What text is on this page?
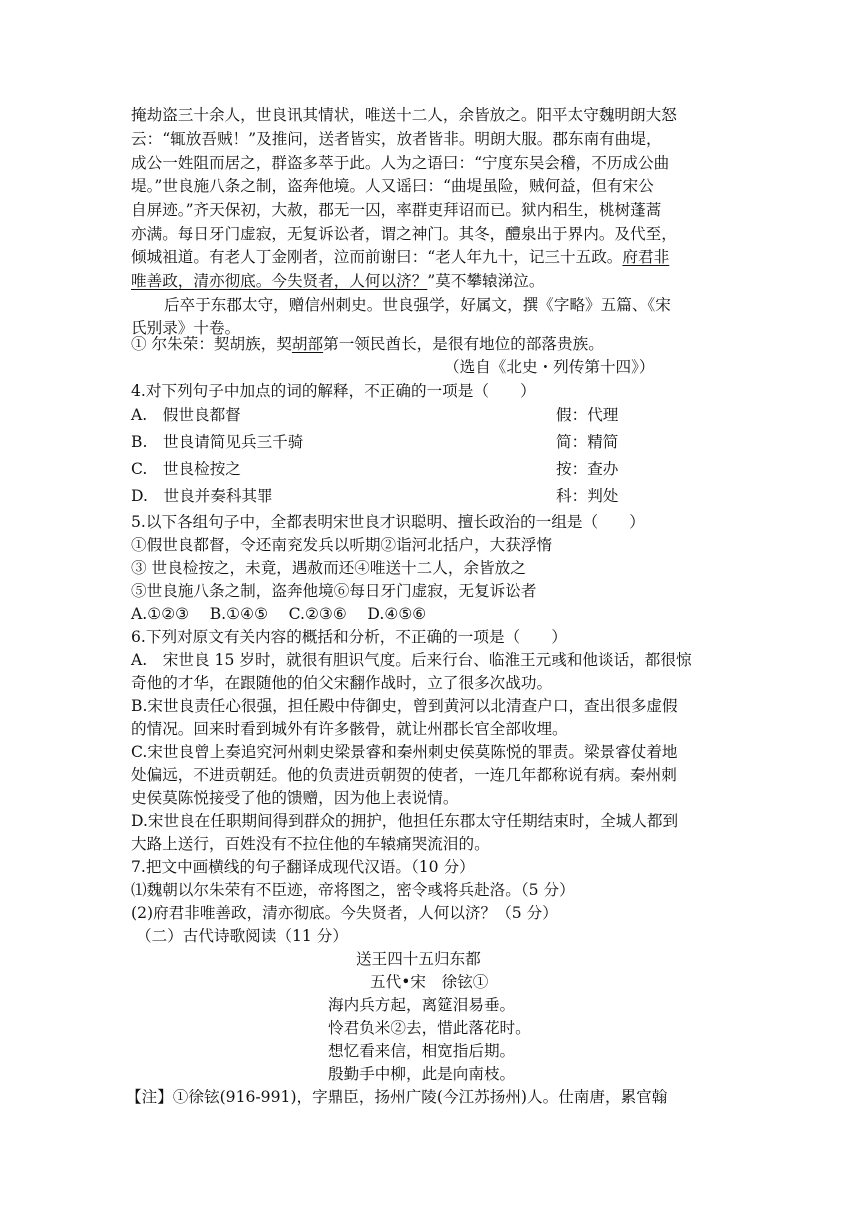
掩劫盗三十余人，世良讯其情状，唯送十二人，余皆放之。阳平太守魏明朗大怒
云：“辄放吾贼！”及推问，送者皆实，放者皆非。明朗大服。郡东南有曲堤，
成公一姓阻而居之，群盗多萃于此。人为之语曰：“宁度东吴会稽，不历成公曲
堤。”世良施八条之制，盗奔他境。人又谣曰：“曲堤虽险，贼何益，但有宋公
自屏迹。”齐天保初，大赦，郡无一囚，率群吏拜诏而已。狱内稆生，桃树蓬蒿
亦满。每日牙门虚寂，无复诉讼者，谓之神门。其冬，醴泉出于界内。及代至，
倾城祖道。有老人丁金刚者，泣而前谢曰：“老人年九十，记三十五政。府君非
唯善政，清亦彻底。今失贤者，人何以济？”莫不攀辕涕泣。
后卒于东郡太守，赠信州刺史。世良强学，好属文，撰《字略》五篇、《宋
氏别录》十卷。
① 尔朱荣：契胡族，契胡部第一领民酋长，是很有地位的部落贵族。
（选自《北史・列传第十四》）
4.对下列句子中加点的词的解释，不正确的一项是（　　）
A.　假世良都督	假：代理
B.　世良请简见兵三千骑	简：精简
C.　世良检按之	按：查办
D.　世良并奏科其罪	科：判处
5.以下各组句子中，全都表明宋世良才识聪明、擅长政治的一组是（　　）
①假世良都督，令还南兖发兵以听期②诣河北括户，大获浮惰
③ 世良检按之，未竟，遇赦而还④唯送十二人，余皆放之
⑤世良施八条之制，盗奔他境⑥每日牙门虚寂，无复诉讼者
A.①②③　 B.①④⑤　 C.②③⑥　 D.④⑤⑥
6.下列对原文有关内容的概括和分析，不正确的一项是（　　）
A.　宋世良 15 岁时，就很有胆识气度。后来行台、临淮王元彧和他谈话，都很惊
奇他的才华，在跟随他的伯父宋翻作战时，立了很多次战功。
B.宋世良责任心很强，担任殿中侍御史，曾到黄河以北清查户口，查出很多虚假
的情况。回来时看到城外有许多骸骨，就让州郡长官全部收埋。
C.宋世良曾上奏追究河州刺史梁景睿和秦州刺史侯莫陈悦的罪责。梁景睿仗着地
处偏远，不进贡朝廷。他的负责进贡朝贺的使者，一连几年都称说有病。秦州刺
史侯莫陈悦接受了他的馈赠，因为他上表说情。
D.宋世良在任职期间得到群众的拥护，他担任东郡太守任期结束时，全城人都到
大路上送行，百姓没有不拉住他的车辕痛哭流泪的。
7.把文中画横线的句子翻译成现代汉语。（10 分）
⑴魏朝以尔朱荣有不臣迹，帝将图之，密令彧将兵赴洛。（5 分）
(2)府君非唯善政，清亦彻底。今失贤者，人何以济？（5 分）
（二）古代诗歌阅读（11 分）
送王四十五归东都
五代•宋　徐铉①
海内兵方起，离筵泪易垂。
怜君负米②去，惜此落花时。
想忆看来信，相宽指后期。
殷勤手中柳，此是向南枝。
【注】①徐铉(916-991)，字鼎臣，扬州广陵(今江苏扬州)人。仕南唐，累官翰
